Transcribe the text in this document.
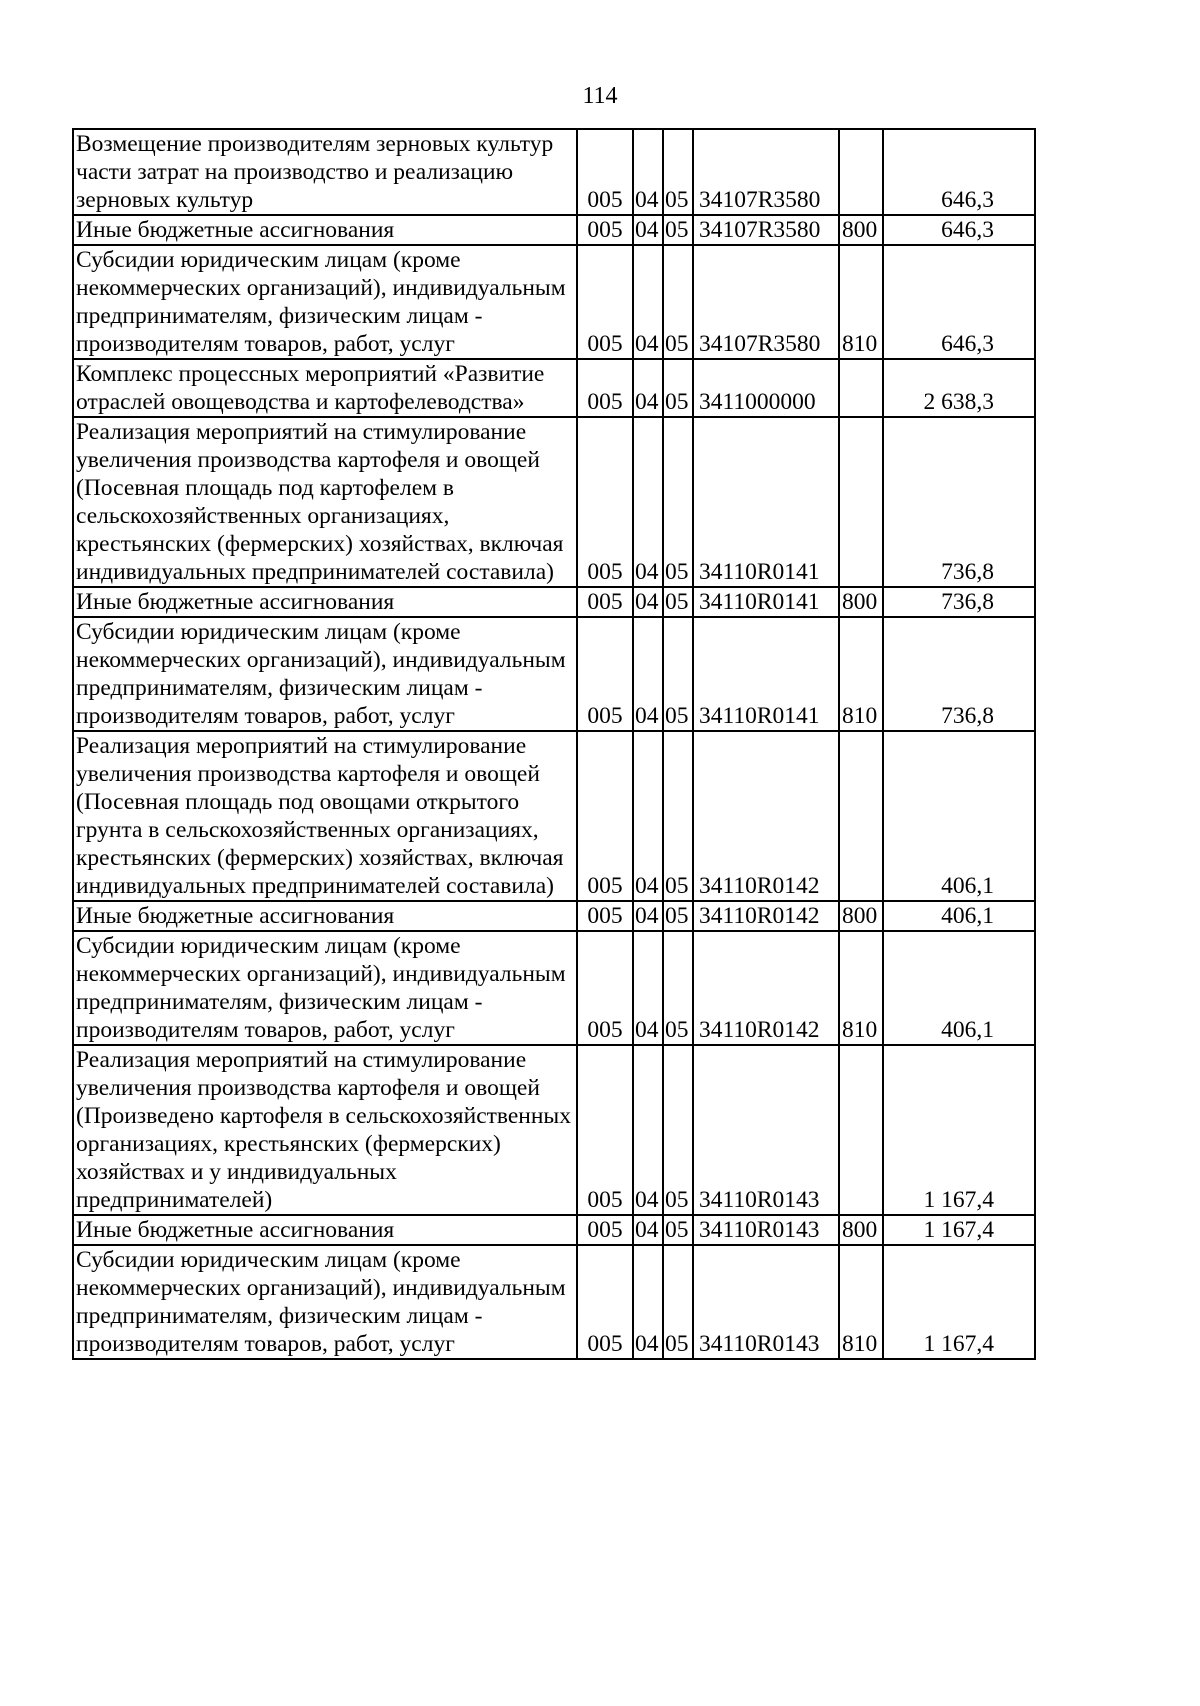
114
Возмещение производителям зерновых культур части затрат на производство и реализацию зерновых культур	005	04	05	34107R3580		646,3
Иные бюджетные ассигнования	005	04	05	34107R3580	800	646,3
Субсидии юридическим лицам (кроме некоммерческих организаций), индивидуальным предпринимателям, физическим лицам - производителям товаров, работ, услуг	005	04	05	34107R3580	810	646,3
Комплекс процессных мероприятий «Развитие отраслей овощеводства и картофелеводства»	005	04	05	3411000000		2 638,3
Реализация мероприятий на стимулирование увеличения производства картофеля и овощей (Посевная площадь под картофелем в сельскохозяйственных организациях, крестьянских (фермерских) хозяйствах, включая индивидуальных предпринимателей составила)	005	04	05	34110R0141		736,8
Иные бюджетные ассигнования	005	04	05	34110R0141	800	736,8
Субсидии юридическим лицам (кроме некоммерческих организаций), индивидуальным предпринимателям, физическим лицам - производителям товаров, работ, услуг	005	04	05	34110R0141	810	736,8
Реализация мероприятий на стимулирование увеличения производства картофеля и овощей (Посевная площадь под овощами открытого грунта в сельскохозяйственных организациях, крестьянских (фермерских) хозяйствах, включая индивидуальных предпринимателей составила)	005	04	05	34110R0142		406,1
Иные бюджетные ассигнования	005	04	05	34110R0142	800	406,1
Субсидии юридическим лицам (кроме некоммерческих организаций), индивидуальным предпринимателям, физическим лицам - производителям товаров, работ, услуг	005	04	05	34110R0142	810	406,1
Реализация мероприятий на стимулирование увеличения производства картофеля и овощей (Произведено картофеля в сельскохозяйственных организациях, крестьянских (фермерских) хозяйствах и у индивидуальных предпринимателей)	005	04	05	34110R0143		1 167,4
Иные бюджетные ассигнования	005	04	05	34110R0143	800	1 167,4
Субсидии юридическим лицам (кроме некоммерческих организаций), индивидуальным предпринимателям, физическим лицам - производителям товаров, работ, услуг	005	04	05	34110R0143	810	1 167,4
